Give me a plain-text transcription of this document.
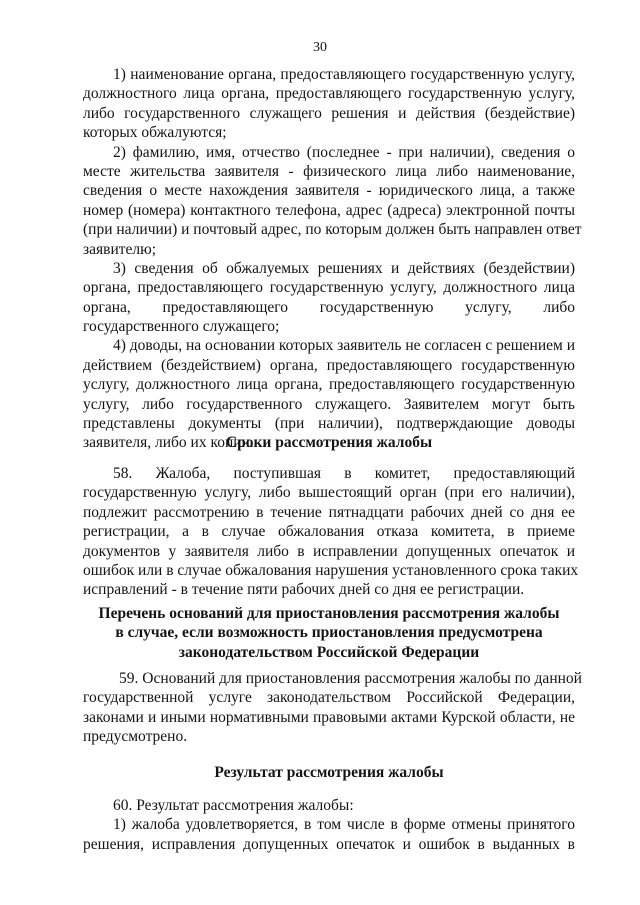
30
1) наименование органа, предоставляющего государственную услугу,
должностного лица органа, предоставляющего государственную услугу,
либо государственного служащего решения и действия (бездействие)
которых обжалуются;
2) фамилию, имя, отчество (последнее - при наличии), сведения о
месте жительства заявителя - физического лица либо наименование,
сведения о месте нахождения заявителя - юридического лица, а также
номер (номера) контактного телефона, адрес (адреса) электронной почты
(при наличии) и почтовый адрес, по которым должен быть направлен ответ
заявителю;
3) сведения об обжалуемых решениях и действиях (бездействии)
органа, предоставляющего государственную услугу, должностного лица
органа, предоставляющего государственную услугу, либо
государственного служащего;
4) доводы, на основании которых заявитель не согласен с решением и
действием (бездействием) органа, предоставляющего государственную
услугу, должностного лица органа, предоставляющего государственную
услугу, либо государственного служащего. Заявителем могут быть
представлены документы (при наличии), подтверждающие доводы
заявителя, либо их копии.
Сроки рассмотрения жалобы
58. Жалоба, поступившая в комитет, предоставляющий
государственную услугу, либо вышестоящий орган (при его наличии),
подлежит рассмотрению в течение пятнадцати рабочих дней со дня ее
регистрации, а в случае обжалования отказа комитета, в приеме
документов у заявителя либо в исправлении допущенных опечаток и
ошибок или в случае обжалования нарушения установленного срока таких
исправлений - в течение пяти рабочих дней со дня ее регистрации.
Перечень оснований для приостановления рассмотрения жалобы
в случае, если возможность приостановления предусмотрена
законодательством Российской Федерации
59. Оснований для приостановления рассмотрения жалобы по данной
государственной услуге законодательством Российской Федерации,
законами и иными нормативными правовыми актами Курской области, не
предусмотрено.
Результат рассмотрения жалобы
60. Результат рассмотрения жалобы:
1) жалоба удовлетворяется, в том числе в форме отмены принятого
решения, исправления допущенных опечаток и ошибок в выданных в
